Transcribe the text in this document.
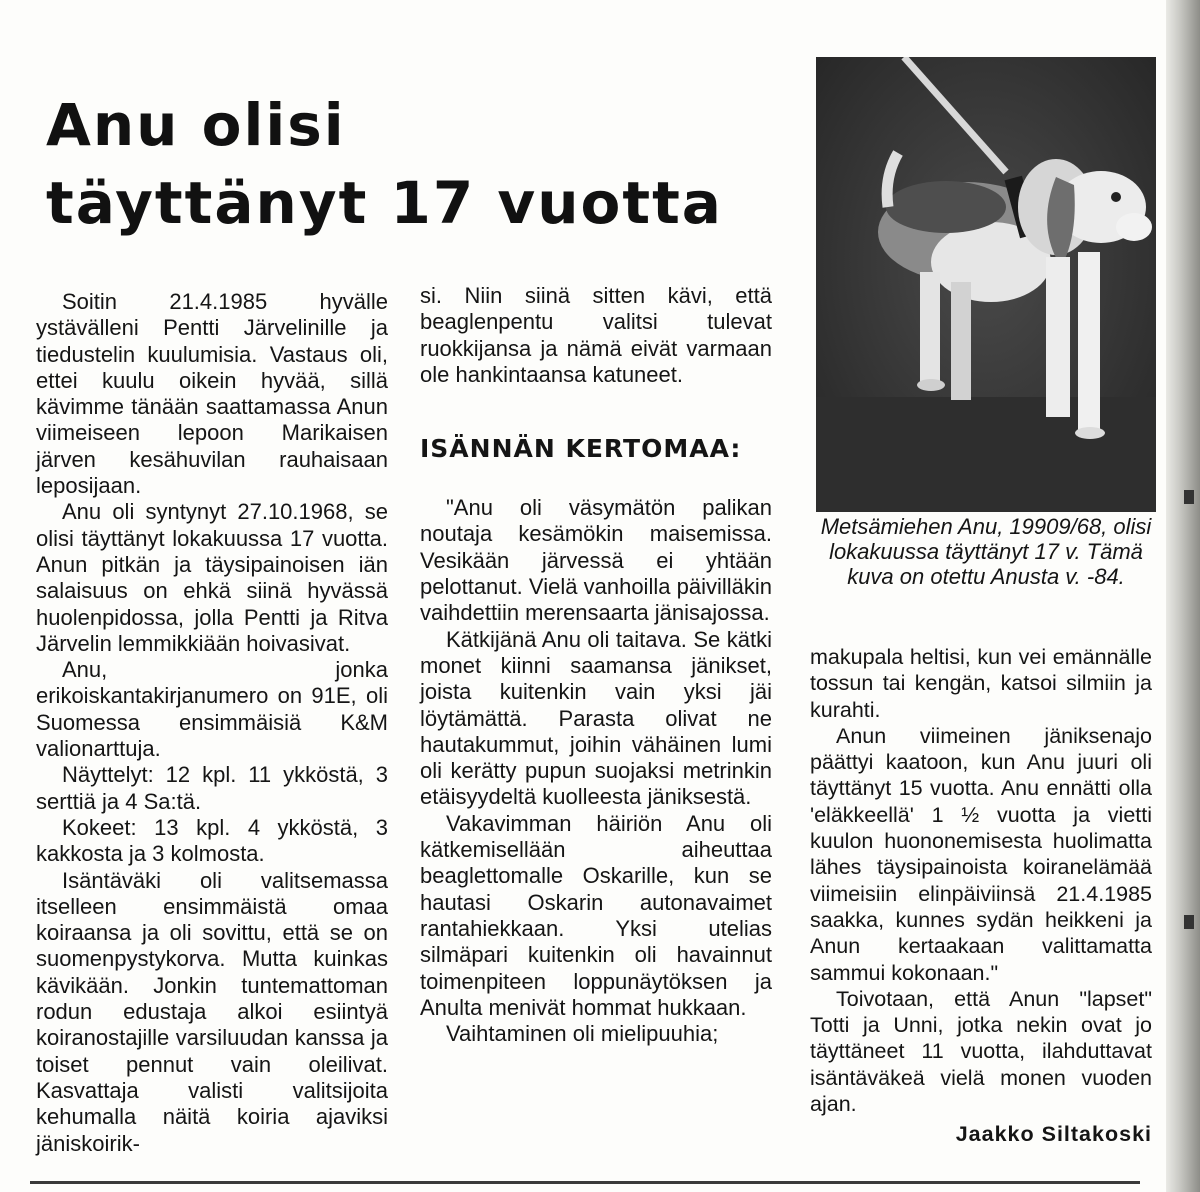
Anu olisi
täyttänyt 17 vuotta

Soitin 21.4.1985 hyvälle ystävälleni Pentti Järvelinille ja tiedustelin kuulumisia. Vastaus oli, ettei kuulu oikein hyvää, sillä kävimme tänään saattamassa Anun viimeiseen lepoon Marikaisen järven kesähuvilan rauhaisaan leposijaan.

Anu oli syntynyt 27.10.1968, se olisi täyttänyt lokakuussa 17 vuotta. Anun pitkän ja täysipainoisen iän salaisuus on ehkä siinä hyvässä huolenpidossa, jolla Pentti ja Ritva Järvelin lemmikkiään hoivasivat.

Anu, jonka erikoiskantakirjanumero on 91E, oli Suomessa ensimmäisiä K&M valionarttuja.

Näyttelyt: 12 kpl. 11 ykköstä, 3 serttiä ja 4 Sa:tä.

Kokeet: 13 kpl. 4 ykköstä, 3 kakkosta ja 3 kolmosta.

Isäntäväki oli valitsemassa itselleen ensimmäistä omaa koiraansa ja oli sovittu, että se on suomenpystykorva. Mutta kuinkas kävikään. Jonkin tuntemattoman rodun edustaja alkoi esiintyä koiranostajille varsiluudan kanssa ja toiset pennut vain oleilivat. Kasvattaja valisti valitsijoita kehumalla näitä koiria ajaviksi jäniskoirik-

si. Niin siinä sitten kävi, että beaglenpentu valitsi tulevat ruokkijansa ja nämä eivät varmaan ole hankintaansa katuneet.

ISÄNNÄN KERTOMAA:

"Anu oli väsymätön palikan noutaja kesämökin maisemissa. Vesikään järvessä ei yhtään pelottanut. Vielä vanhoilla päivilläkin vaihdettiin merensaarta jänisajossa.

Kätkijänä Anu oli taitava. Se kätki monet kiinni saamansa jänikset, joista kuitenkin vain yksi jäi löytämättä. Parasta olivat ne hautakummut, joihin vähäinen lumi oli kerätty pupun suojaksi metrinkin etäisyydeltä kuolleesta jäniksestä.

Vakavimman häiriön Anu oli kätkemisellään aiheuttaa beaglettomalle Oskarille, kun se hautasi Oskarin autonavaimet rantahiekkaan. Yksi utelias silmäpari kuitenkin oli havainnut toimenpiteen loppunäytöksen ja Anulta menivät hommat hukkaan.

Vaihtaminen oli mielipuuhia;

Metsämiehen Anu, 19909/68, olisi lokakuussa täyttänyt 17 v. Tämä kuva on otettu Anusta v. -84.

makupala heltisi, kun vei emännälle tossun tai kengän, katsoi silmiin ja kurahti.

Anun viimeinen jäniksenajo päättyi kaatoon, kun Anu juuri oli täyttänyt 15 vuotta. Anu ennätti olla 'eläkkeellä' 1 ½ vuotta ja vietti kuulon huononemisesta huolimatta lähes täysipainoista koiranelämää viimeisiin elinpäiviinsä 21.4.1985 saakka, kunnes sydän heikkeni ja Anun kertaakaan valittamatta sammui kokonaan."

Toivotaan, että Anun "lapset" Totti ja Unni, jotka nekin ovat jo täyttäneet 11 vuotta, ilahduttavat isäntäväkeä vielä monen vuoden ajan.

Jaakko Siltakoski
